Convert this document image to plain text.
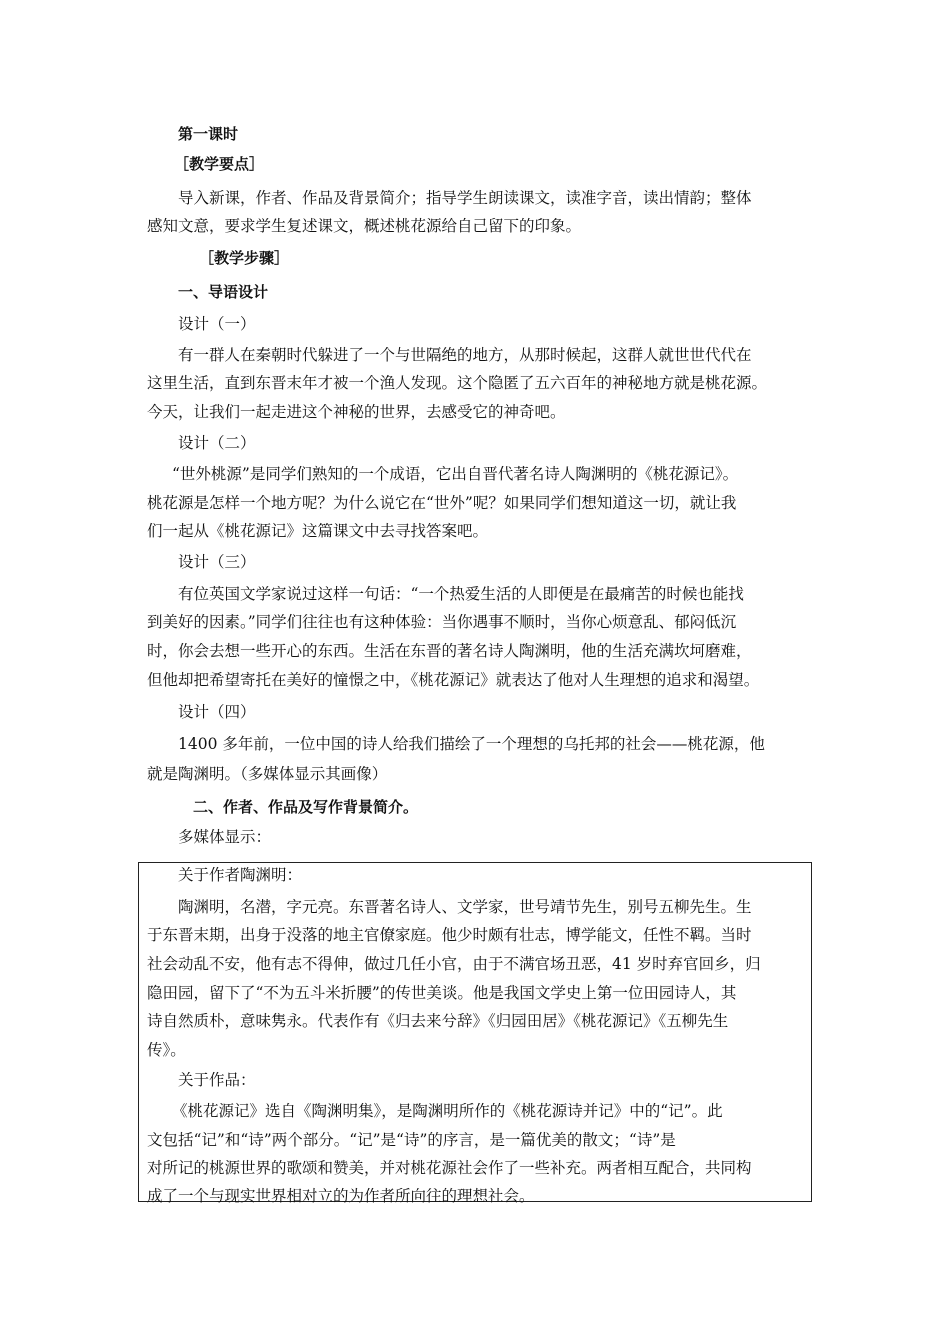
第一课时
［教学要点］
导入新课，作者、作品及背景简介；指导学生朗读课文，读准字音，读出情韵；整体
感知文意，要求学生复述课文，概述桃花源给自己留下的印象。
［教学步骤］
一、导语设计
设计（一）
有一群人在秦朝时代躲进了一个与世隔绝的地方，从那时候起，这群人就世世代代在
这里生活，直到东晋末年才被一个渔人发现。这个隐匿了五六百年的神秘地方就是桃花源。
今天，让我们一起走进这个神秘的世界，去感受它的神奇吧。
设计（二）
“世外桃源”是同学们熟知的一个成语，它出自晋代著名诗人陶渊明的《桃花源记》。
桃花源是怎样一个地方呢？为什么说它在“世外”呢？如果同学们想知道这一切，就让我
们一起从《桃花源记》这篇课文中去寻找答案吧。
设计（三）
有位英国文学家说过这样一句话：“一个热爱生活的人即便是在最痛苦的时候也能找
到美好的因素。”同学们往往也有这种体验：当你遇事不顺时，当你心烦意乱、郁闷低沉
时，你会去想一些开心的东西。生活在东晋的著名诗人陶渊明，他的生活充满坎坷磨难，
但他却把希望寄托在美好的憧憬之中，《桃花源记》就表达了他对人生理想的追求和渴望。
设计（四）
1400 多年前，一位中国的诗人给我们描绘了一个理想的乌托邦的社会——桃花源，他
就是陶渊明。（多媒体显示其画像）
二、作者、作品及写作背景简介。
多媒体显示：
关于作者陶渊明：
陶渊明，名潜，字元亮。东晋著名诗人、文学家，世号靖节先生，别号五柳先生。生
于东晋末期，出身于没落的地主官僚家庭。他少时颇有壮志，博学能文，任性不羁。当时
社会动乱不安，他有志不得伸，做过几任小官，由于不满官场丑恶，41 岁时弃官回乡，归
隐田园，留下了“不为五斗米折腰”的传世美谈。他是我国文学史上第一位田园诗人，其
诗自然质朴，意味隽永。代表作有《归去来兮辞》《归园田居》《桃花源记》《五柳先生
传》。
关于作品：
《桃花源记》选自《陶渊明集》，是陶渊明所作的《桃花源诗并记》中的“记”。此
文包括“记”和“诗”两个部分。“记”是“诗”的序言，是一篇优美的散文；“诗”是
对所记的桃源世界的歌颂和赞美，并对桃花源社会作了一些补充。两者相互配合，共同构
成了一个与现实世界相对立的为作者所向往的理想社会。
